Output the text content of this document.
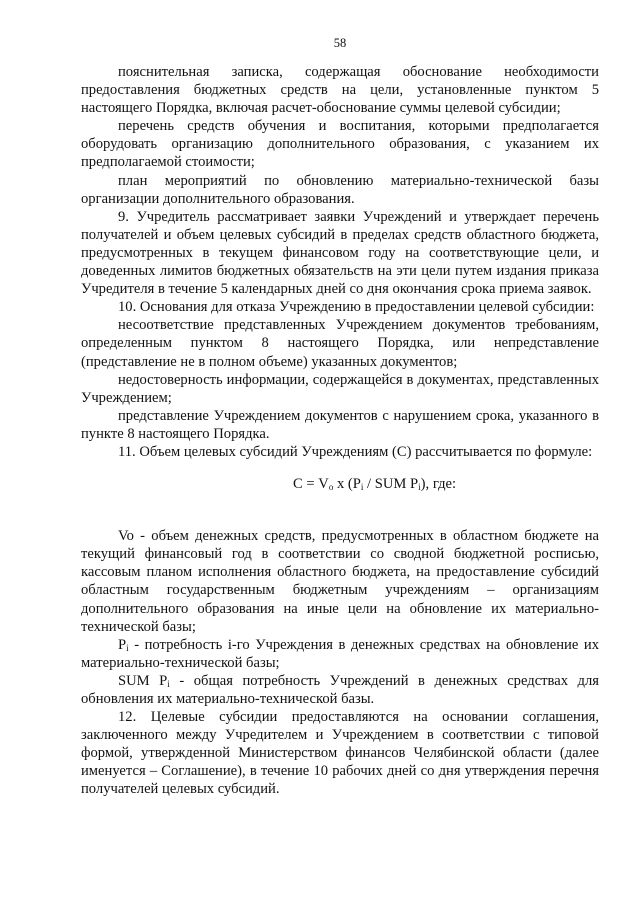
58

пояснительная записка, содержащая обоснование необходимости предоставления бюджетных средств на цели, установленные пунктом 5 настоящего Порядка, включая расчет-обоснование суммы целевой субсидии;

перечень средств обучения и воспитания, которыми предполагается оборудовать организацию дополнительного образования, с указанием их предполагаемой стоимости;

план мероприятий по обновлению материально-технической базы организации дополнительного образования.

9. Учредитель рассматривает заявки Учреждений и утверждает перечень получателей и объем целевых субсидий в пределах средств областного бюджета, предусмотренных в текущем финансовом году на соответствующие цели, и доведенных лимитов бюджетных обязательств на эти цели путем издания приказа Учредителя в течение 5 календарных дней со дня окончания срока приема заявок.

10. Основания для отказа Учреждению в предоставлении целевой субсидии:

несоответствие представленных Учреждением документов требованиям, определенным пунктом 8 настоящего Порядка, или непредставление (представление не в полном объеме) указанных документов;

недостоверность информации, содержащейся в документах, представленных Учреждением;

представление Учреждением документов с нарушением срока, указанного в пункте 8 настоящего Порядка.

11. Объем целевых субсидий Учреждениям (С) рассчитывается по формуле:

$С = V_o$ x ($P_i$ / SUM $P_i$), где:

Vo - объем денежных средств, предусмотренных в областном бюджете на текущий финансовый год в соответствии со сводной бюджетной росписью, кассовым планом исполнения областного бюджета, на предоставление субсидий областным государственным бюджетным учреждениям – организациям дополнительного образования на иные цели на обновление их материально-технической базы;

$P_i$ - потребность i-го Учреждения в денежных средствах на обновление их материально-технической базы;

SUM $P_i$ - общая потребность Учреждений в денежных средствах для обновления их материально-технической базы.

12. Целевые субсидии предоставляются на основании соглашения, заключенного между Учредителем и Учреждением в соответствии с типовой формой, утвержденной Министерством финансов Челябинской области (далее именуется – Соглашение), в течение 10 рабочих дней со дня утверждения перечня получателей целевых субсидий.
